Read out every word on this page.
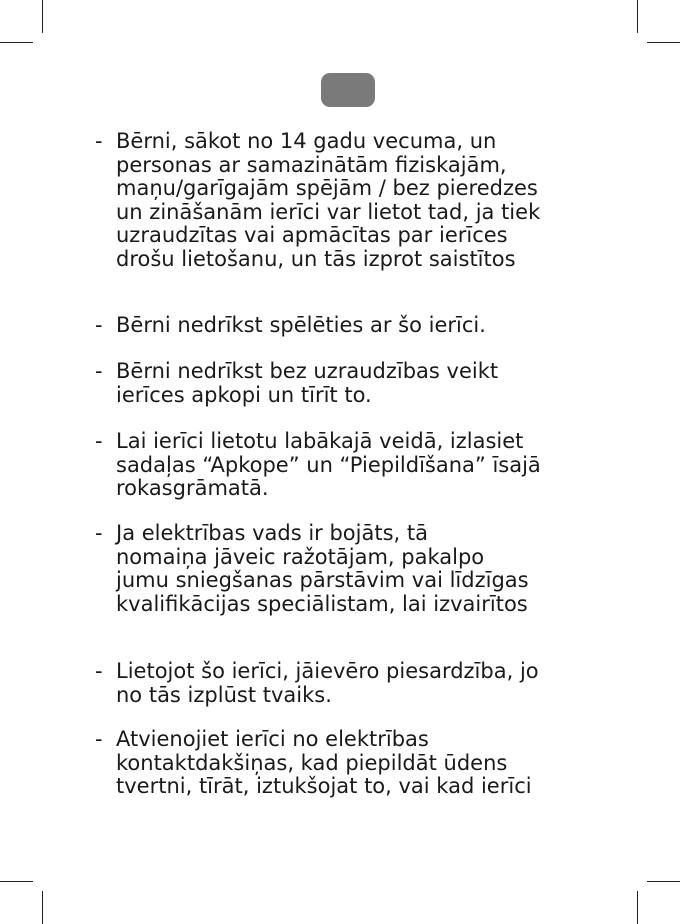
- Bērni, sākot no 14 gadu vecuma, un
personas ar samazinātām fiziskajām,
maņu/garīgajām spējām / bez pieredzes
un zināšanām ierīci var lietot tad, ja tiek
uzraudzītas vai apmācītas par ierīces
drošu lietošanu, un tās izprot saistītos
- Bērni nedrīkst spēlēties ar šo ierīci.
- Bērni nedrīkst bez uzraudzības veikt
ierīces apkopi un tīrīt to.
- Lai ierīci lietotu labākajā veidā, izlasiet
sadaļas “Apkope” un “Piepildīšana” īsajā
rokasgrāmatā.
- Ja elektrības vads ir bojāts, tā
nomaiņa jāveic ražotājam, pakalpo
jumu sniegšanas pārstāvim vai līdzīgas
kvalifikācijas speciālistam, lai izvairītos
- Lietojot šo ierīci, jāievēro piesardzība, jo
no tās izplūst tvaiks.
- Atvienojiet ierīci no elektrības
kontaktdakšiņas, kad piepildāt ūdens
tvertni, tīrāt, iztukšojat to, vai kad ierīci
